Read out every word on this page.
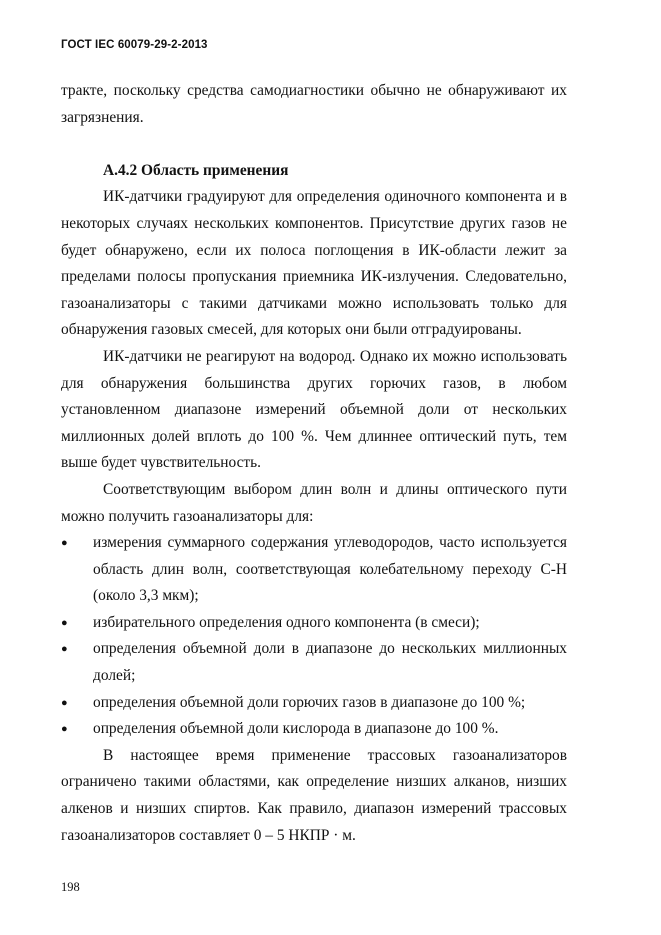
ГОСТ IEC 60079-29-2-2013

тракте, поскольку средства самодиагностики обычно не обнаруживают их загрязнения.

А.4.2 Область применения

ИК-датчики градуируют для определения одиночного компонента и в некоторых случаях нескольких компонентов. Присутствие других газов не будет обнаружено, если их полоса поглощения в ИК-области лежит за пределами полосы пропускания приемника ИК-излучения. Следовательно, газоанализаторы с такими датчиками можно использовать только для обнаружения газовых смесей, для которых они были отградуированы.

ИК-датчики не реагируют на водород. Однако их можно использовать для обнаружения большинства других горючих газов, в любом установленном диапазоне измерений объемной доли от нескольких миллионных долей вплоть до 100 %. Чем длиннее оптический путь, тем выше будет чувствительность.

Соответствующим выбором длин волн и длины оптического пути можно получить газоанализаторы для:

● измерения суммарного содержания углеводородов, часто используется область длин волн, соответствующая колебательному переходу С-Н (около 3,3 мкм);
● избирательного определения одного компонента (в смеси);
● определения объемной доли в диапазоне до нескольких миллионных долей;
● определения объемной доли горючих газов в диапазоне до 100 %;
● определения объемной доли кислорода в диапазоне до 100 %.

В настоящее время применение трассовых газоанализаторов ограничено такими областями, как определение низших алканов, низших алкенов и низших спиртов. Как правило, диапазон измерений трассовых газоанализаторов составляет 0 – 5 НКПР · м.

198
